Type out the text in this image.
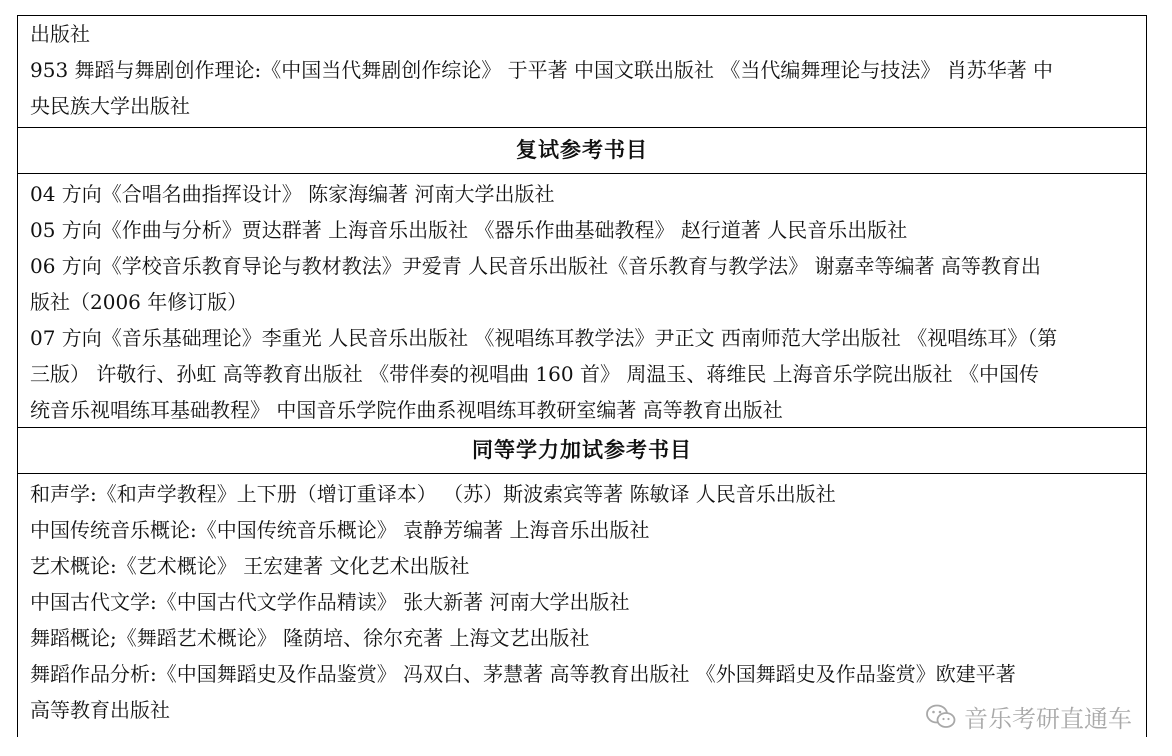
出版社
953 舞蹈与舞剧创作理论:《中国当代舞剧创作综论》 于平著 中国文联出版社 《当代编舞理论与技法》 肖苏华著 中
央民族大学出版社
复试参考书目
04 方向《合唱名曲指挥设计》 陈家海编著 河南大学出版社
05 方向《作曲与分析》贾达群著 上海音乐出版社 《器乐作曲基础教程》 赵行道著 人民音乐出版社
06 方向《学校音乐教育导论与教材教法》尹爱青 人民音乐出版社《音乐教育与教学法》 谢嘉幸等编著 高等教育出
版社（2006 年修订版）
07 方向《音乐基础理论》李重光 人民音乐出版社 《视唱练耳教学法》尹正文 西南师范大学出版社 《视唱练耳》（第
三版） 许敬行、孙虹 高等教育出版社 《带伴奏的视唱曲 160 首》 周温玉、蒋维民 上海音乐学院出版社 《中国传
统音乐视唱练耳基础教程》 中国音乐学院作曲系视唱练耳教研室编著 高等教育出版社
同等学力加试参考书目
和声学:《和声学教程》上下册（增订重译本） （苏）斯波索宾等著 陈敏译 人民音乐出版社
中国传统音乐概论:《中国传统音乐概论》 袁静芳编著 上海音乐出版社
艺术概论:《艺术概论》 王宏建著 文化艺术出版社
中国古代文学:《中国古代文学作品精读》 张大新著 河南大学出版社
舞蹈概论;《舞蹈艺术概论》 隆荫培、徐尔充著 上海文艺出版社
舞蹈作品分析:《中国舞蹈史及作品鉴赏》 冯双白、茅慧著 高等教育出版社 《外国舞蹈史及作品鉴赏》欧建平著
高等教育出版社	音乐考研直通车
